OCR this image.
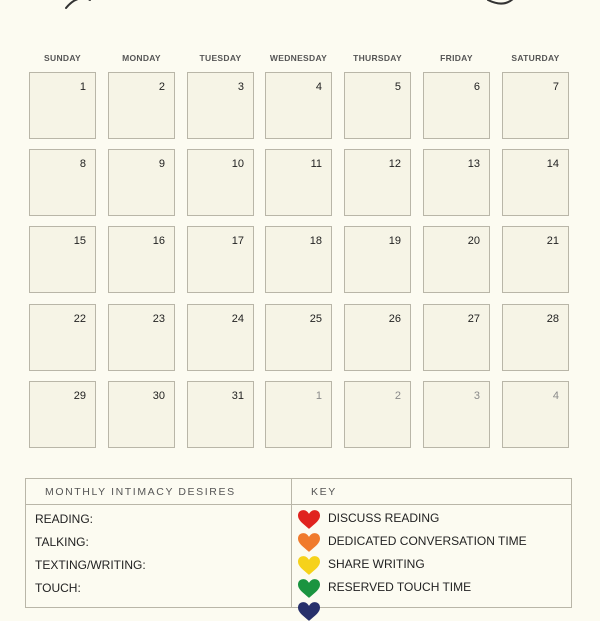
SUNDAY	MONDAY	TUESDAY	WEDNESDAY	THURSDAY	FRIDAY	SATURDAY
1	2	3	4	5	6	7
8	9	10	11	12	13	14
15	16	17	18	19	20	21
22	23	24	25	26	27	28
29	30	31	1	2	3	4
MONTHLY INTIMACY DESIRES	KEY
READING:
TALKING:
TEXTING/WRITING:
TOUCH:
DISCUSS READING
DEDICATED CONVERSATION TIME
SHARE WRITING
RESERVED TOUCH TIME
